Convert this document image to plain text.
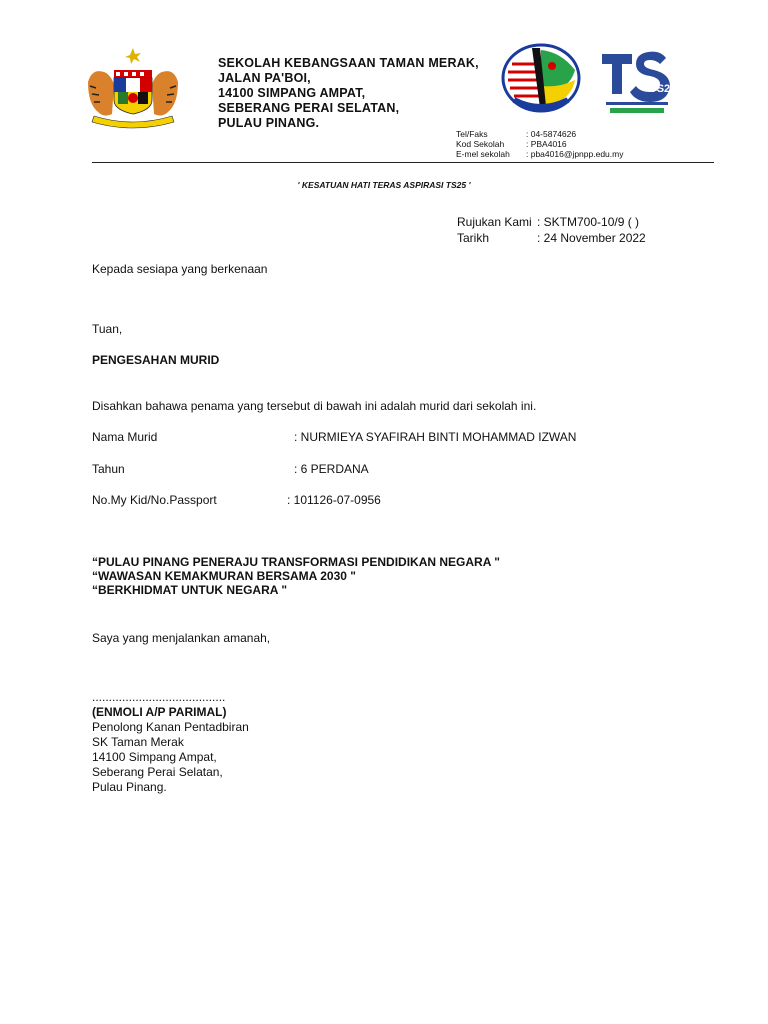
SEKOLAH KEBANGSAAN TAMAN MERAK,
JALAN PA'BOI,
14100 SIMPANG AMPAT,
SEBERANG PERAI SELATAN,
PULAU PINANG.
TS25
Tel/Faks	: 04-5874626
Kod Sekolah	: PBA4016
E-mel sekolah	: pba4016@jpnpp.edu.my
' KESATUAN HATI TERAS ASPIRASI TS25 '
Rujukan Kami : SKTM700-10/9 ( )
Tarikh	: 24 November 2022
Kepada sesiapa yang berkenaan
Tuan,
PENGESAHAN MURID
Disahkan bahawa penama yang tersebut di bawah ini adalah murid dari sekolah ini.
Nama Murid	: NURMIEYA SYAFIRAH BINTI MOHAMMAD IZWAN
Tahun	: 6 PERDANA
No.My Kid/No.Passport	: 101126-07-0956
“PULAU PINANG PENERAJU TRANSFORMASI PENDIDIKAN NEGARA "
“WAWASAN KEMAKMURAN BERSAMA 2030 "
“BERKHIDMAT UNTUK NEGARA "
Saya yang menjalankan amanah,
........................................
(ENMOLI A/P PARIMAL)
Penolong Kanan Pentadbiran
SK Taman Merak
14100 Simpang Ampat,
Seberang Perai Selatan,
Pulau Pinang.
